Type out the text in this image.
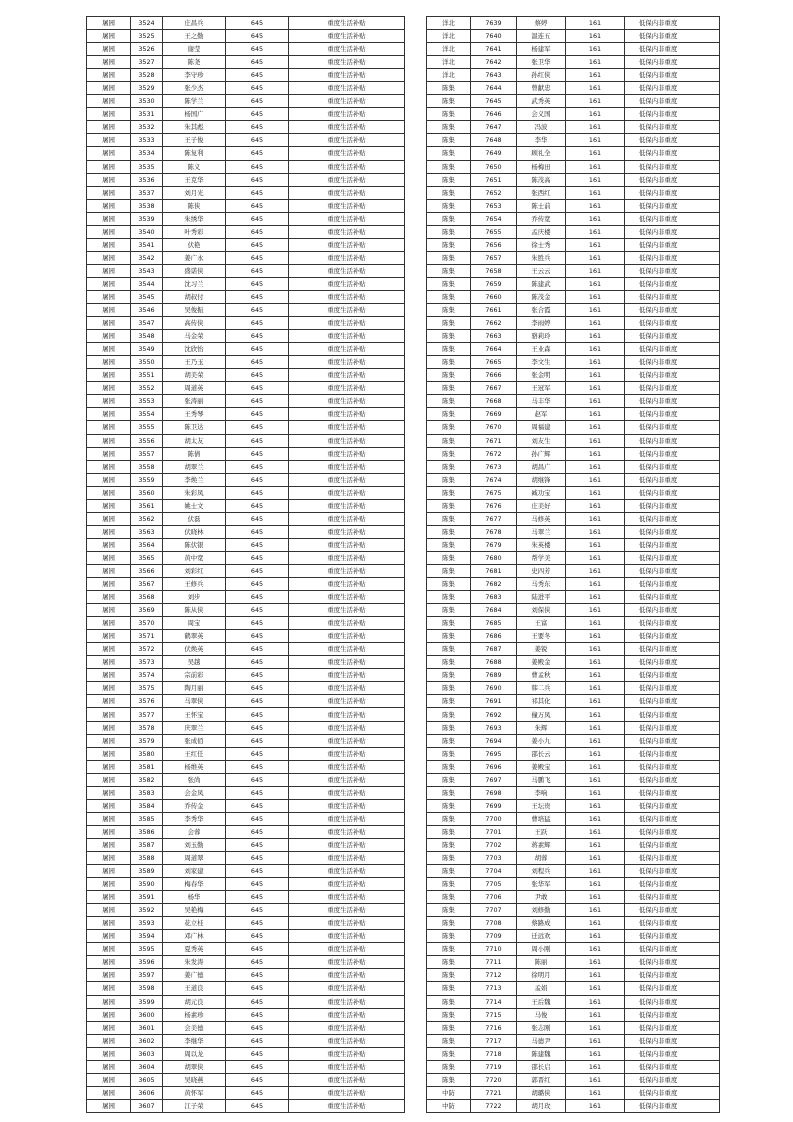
屠园	3524	庄昌兵	645	重度生活补贴
屠园	3525	王之勤	645	重度生活补贴
屠园	3526	谢莹	645	重度生活补贴
屠园	3527	陈尧	645	重度生活补贴
屠园	3528	李守珍	645	重度生活补贴
屠园	3529	张少杰	645	重度生活补贴
屠园	3530	陈学兰	645	重度生活补贴
屠园	3531	杨国广	645	重度生活补贴
屠园	3532	朱其彪	645	重度生活补贴
屠园	3533	王子俊	645	重度生活补贴
屠园	3534	陈复利	645	重度生活补贴
屠园	3535	陈义	645	重度生活补贴
屠园	3536	王克华	645	重度生活补贴
屠园	3537	刘月光	645	重度生活补贴
屠园	3538	陈侠	645	重度生活补贴
屠园	3539	朱绣华	645	重度生活补贴
屠园	3540	叶秀彩	645	重度生活补贴
屠园	3541	伏艳	645	重度生活补贴
屠园	3542	姜广永	645	重度生活补贴
屠园	3543	盛诺侠	645	重度生活补贴
屠园	3544	沈习兰	645	重度生活补贴
屠园	3545	胡叔付	645	重度生活补贴
屠园	3546	吴俊振	645	重度生活补贴
屠园	3547	高传侠	645	重度生活补贴
屠园	3548	马金荣	645	重度生活补贴
屠园	3549	沈欣怡	645	重度生活补贴
屠园	3550	王乃玉	645	重度生活补贴
屠园	3551	胡美荣	645	重度生活补贴
屠园	3552	周道英	645	重度生活补贴
屠园	3553	张涛丽	645	重度生活补贴
屠园	3554	王秀琴	645	重度生活补贴
屠园	3555	陈卫达	645	重度生活补贴
屠园	3556	胡太友	645	重度生活补贴
屠园	3557	陈倩	645	重度生活补贴
屠园	3558	胡翠兰	645	重度生活补贴
屠园	3559	李焕兰	645	重度生活补贴
屠园	3560	朱彩凤	645	重度生活补贴
屠园	3561	姚士文	645	重度生活补贴
屠园	3562	伏磊	645	重度生活补贴
屠园	3563	伏晓林	645	重度生活补贴
屠园	3564	陈伏银	645	重度生活补贴
屠园	3565	黄中宽	645	重度生活补贴
屠园	3566	刘彩红	645	重度生活补贴
屠园	3567	王修兵	645	重度生活补贴
屠园	3568	刘步	645	重度生活补贴
屠园	3569	陈从侠	645	重度生活补贴
屠园	3570	周宝	645	重度生活补贴
屠园	3571	鹤翠英	645	重度生活补贴
屠园	3572	伏焕英	645	重度生活补贴
屠园	3573	吴越	645	重度生活补贴
屠园	3574	宗前彩	645	重度生活补贴
屠园	3575	陶月丽	645	重度生活补贴
屠园	3576	马翠侠	645	重度生活补贴
屠园	3577	王怀宝	645	重度生活补贴
屠园	3578	庆翠兰	645	重度生活补贴
屠园	3579	张成佰	645	重度生活补贴
屠园	3580	王红任	645	重度生活补贴
屠园	3581	杨维英	645	重度生活补贴
屠园	3582	张尚	645	重度生活补贴
屠园	3583	会金凤	645	重度生活补贴
屠园	3584	乔传金	645	重度生活补贴
屠园	3585	李秀华	645	重度生活补贴
屠园	3586	会蓉	645	重度生活补贴
屠园	3587	刘玉勤	645	重度生活补贴
屠园	3588	周道翠	645	重度生活补贴
屠园	3589	刘家建	645	重度生活补贴
屠园	3590	梅春华	645	重度生活补贴
屠园	3591	杨华	645	重度生活补贴
屠园	3592	吴艳梅	645	重度生活补贴
屠园	3593	花立桂	645	重度生活补贴
屠园	3594	邓广林	645	重度生活补贴
屠园	3595	夏秀英	645	重度生活补贴
屠园	3596	朱发涛	645	重度生活补贴
屠园	3597	姜广德	645	重度生活补贴
屠园	3598	王道良	645	重度生活补贴
屠园	3599	胡元良	645	重度生活补贴
屠园	3600	杨素珍	645	重度生活补贴
屠园	3601	会美德	645	重度生活补贴
屠园	3602	李继华	645	重度生活补贴
屠园	3603	周以龙	645	重度生活补贴
屠园	3604	胡翠侠	645	重度生活补贴
屠园	3605	吴晓燕	645	重度生活补贴
屠园	3606	黄怀军	645	重度生活补贴
屠园	3607	江子荣	645	重度生活补贴
洋北	7639	蔡婷	161	低保内非重度
洋北	7640	温连五	161	低保内非重度
洋北	7641	杨建军	161	低保内非重度
洋北	7642	张卫华	161	低保内非重度
洋北	7643	孙红侠	161	低保内非重度
陈集	7644	曾献忠	161	低保内非重度
陈集	7645	武秀英	161	低保内非重度
陈集	7646	会义国	161	低保内非重度
陈集	7647	冯波	161	低保内非重度
陈集	7648	李华	161	低保内非重度
陈集	7649	顾礼全	161	低保内非重度
陈集	7650	杨梅田	161	低保内非重度
陈集	7651	陈茂高	161	低保内非重度
陈集	7652	张西红	161	低保内非重度
陈集	7653	陈士前	161	低保内非重度
陈集	7654	乔传宽	161	低保内非重度
陈集	7655	孟庆楼	161	低保内非重度
陈集	7656	徐士秀	161	低保内非重度
陈集	7657	朱胜兵	161	低保内非重度
陈集	7658	王云云	161	低保内非重度
陈集	7659	陈建武	161	低保内非重度
陈集	7660	陈茂金	161	低保内非重度
陈集	7661	张合霞	161	低保内非重度
陈集	7662	李雨婷	161	低保内非重度
陈集	7663	骆莉玲	161	低保内非重度
陈集	7664	王业森	161	低保内非重度
陈集	7665	李文生	161	低保内非重度
陈集	7666	张金明	161	低保内非重度
陈集	7667	王冠军	161	低保内非重度
陈集	7668	马丰华	161	低保内非重度
陈集	7669	赵军	161	低保内非重度
陈集	7670	周福建	161	低保内非重度
陈集	7671	刘友生	161	低保内非重度
陈集	7672	孙广辉	161	低保内非重度
陈集	7673	胡昌广	161	低保内非重度
陈集	7674	胡继锋	161	低保内非重度
陈集	7675	臧功宝	161	低保内非重度
陈集	7676	庄美好	161	低保内非重度
陈集	7677	马修英	161	低保内非重度
陈集	7678	马翠兰	161	低保内非重度
陈集	7679	朱英楼	161	低保内非重度
陈集	7680	帮学美	161	低保内非重度
陈集	7681	史四芳	161	低保内非重度
陈集	7682	马秀东	161	低保内非重度
陈集	7683	陆进平	161	低保内非重度
陈集	7684	刘保侠	161	低保内非重度
陈集	7685	王富	161	低保内非重度
陈集	7686	王要冬	161	低保内非重度
陈集	7687	姜锐	161	低保内非重度
陈集	7688	姜殿金	161	低保内非重度
陈集	7689	曹孟秋	161	低保内非重度
陈集	7690	韩二兵	161	低保内非重度
陈集	7691	祁其化	161	低保内非重度
陈集	7692	僮万凤	161	低保内非重度
陈集	7693	朱辉	161	低保内非重度
陈集	7694	姜小九	161	低保内非重度
陈集	7695	邵长云	161	低保内非重度
陈集	7696	姜殿宝	161	低保内非重度
陈集	7697	马鹏飞	161	低保内非重度
陈集	7698	李响	161	低保内非重度
陈集	7699	王坛贵	161	低保内非重度
陈集	7700	曹培猛	161	低保内非重度
陈集	7701	王跃	161	低保内非重度
陈集	7702	蒋素辉	161	低保内非重度
陈集	7703	胡蓉	161	低保内非重度
陈集	7704	刘程兵	161	低保内非重度
陈集	7705	张华军	161	低保内非重度
陈集	7706	尹敢	161	低保内非重度
陈集	7707	刘修勤	161	低保内非重度
陈集	7708	蔡路成	161	低保内非重度
陈集	7709	迁远欢	161	低保内非重度
陈集	7710	周小刚	161	低保内非重度
陈集	7711	陈丽	161	低保内非重度
陈集	7712	徐明月	161	低保内非重度
陈集	7713	孟娟	161	低保内非重度
陈集	7714	王后魏	161	低保内非重度
陈集	7715	马俊	161	低保内非重度
陈集	7716	张志刚	161	低保内非重度
陈集	7717	马德尹	161	低保内非重度
陈集	7718	陈建魏	161	低保内非重度
陈集	7719	邵长启	161	低保内非重度
陈集	7720	郭晋红	161	低保内非重度
中防	7721	胡璐侠	161	低保内非重度
中防	7722	胡月玫	161	低保内非重度
